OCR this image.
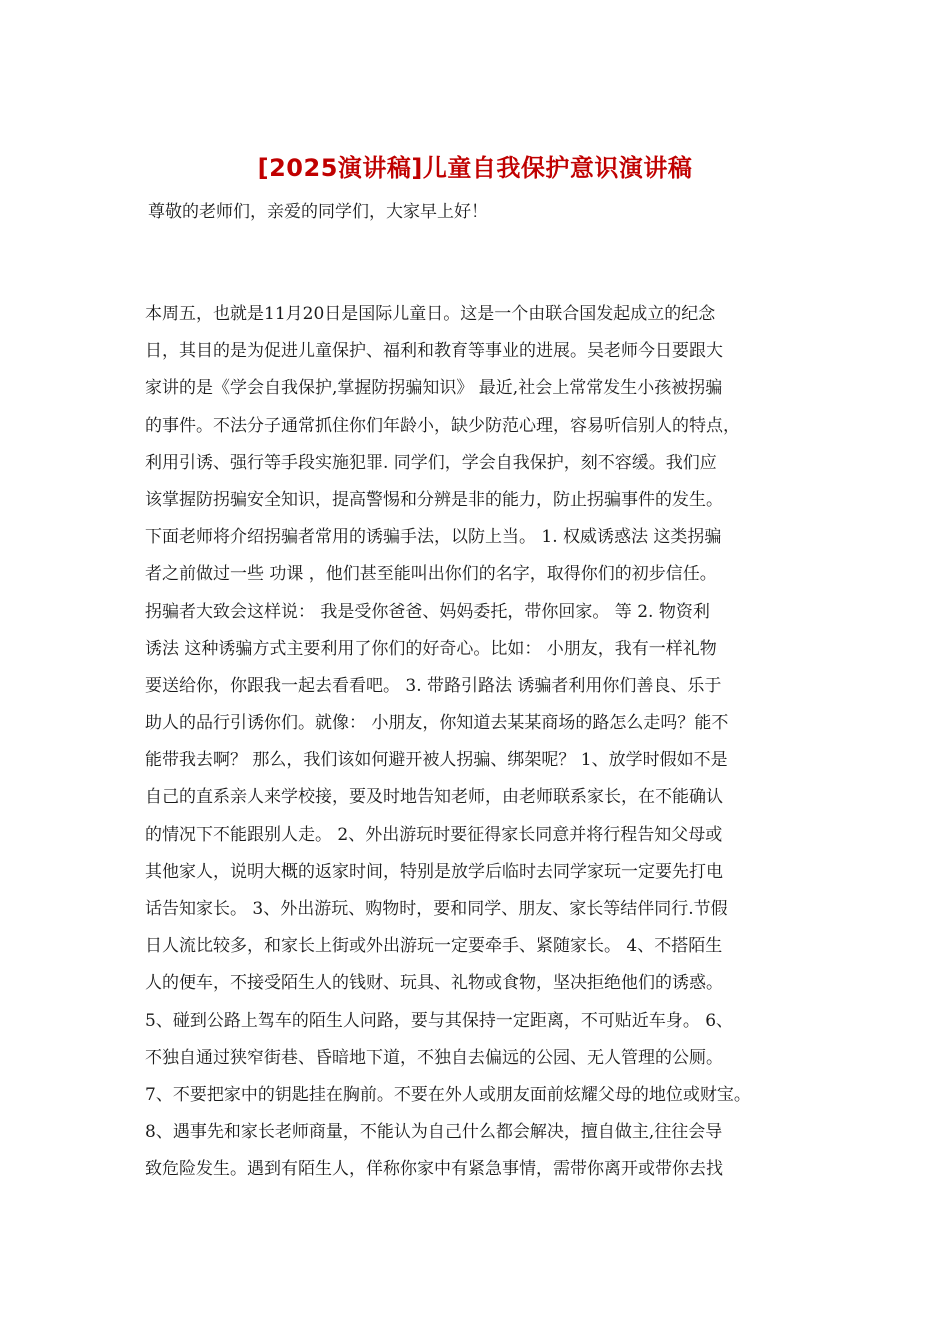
[2025演讲稿]儿童自我保护意识演讲稿
尊敬的老师们，亲爱的同学们，大家早上好！
本周五，也就是11月20日是国际儿童日。这是一个由联合国发起成立的纪念
日，其目的是为促进儿童保护、福利和教育等事业的进展。吴老师今日要跟大
家讲的是《学会自我保护,掌握防拐骗知识》 最近,社会上常常发生小孩被拐骗
的事件。不法分子通常抓住你们年龄小，缺少防范心理，容易听信别人的特点，
利用引诱、强行等手段实施犯罪. 同学们，学会自我保护，刻不容缓。我们应
该掌握防拐骗安全知识，提高警惕和分辨是非的能力，防止拐骗事件的发生。
下面老师将介绍拐骗者常用的诱骗手法，以防上当。 1. 权威诱惑法 这类拐骗
者之前做过一些 功课 ，他们甚至能叫出你们的名字，取得你们的初步信任。
拐骗者大致会这样说： 我是受你爸爸、妈妈委托，带你回家。 等 2. 物资利
诱法 这种诱骗方式主要利用了你们的好奇心。比如： 小朋友，我有一样礼物
要送给你，你跟我一起去看看吧。 3. 带路引路法 诱骗者利用你们善良、乐于
助人的品行引诱你们。就像： 小朋友，你知道去某某商场的路怎么走吗？能不
能带我去啊？ 那么，我们该如何避开被人拐骗、绑架呢？ 1、放学时假如不是
自己的直系亲人来学校接，要及时地告知老师，由老师联系家长，在不能确认
的情况下不能跟别人走。 2、外出游玩时要征得家长同意并将行程告知父母或
其他家人，说明大概的返家时间，特别是放学后临时去同学家玩一定要先打电
话告知家长。 3、外出游玩、购物时，要和同学、朋友、家长等结伴同行.节假
日人流比较多，和家长上街或外出游玩一定要牵手、紧随家长。 4、不搭陌生
人的便车，不接受陌生人的钱财、玩具、礼物或食物，坚决拒绝他们的诱惑。
5、碰到公路上驾车的陌生人问路，要与其保持一定距离，不可贴近车身。 6、
不独自通过狭窄街巷、昏暗地下道，不独自去偏远的公园、无人管理的公厕。
7、不要把家中的钥匙挂在胸前。不要在外人或朋友面前炫耀父母的地位或财宝。
8、遇事先和家长老师商量，不能认为自己什么都会解决，擅自做主,往往会导
致危险发生。遇到有陌生人，佯称你家中有紧急事情，需带你离开或带你去找
